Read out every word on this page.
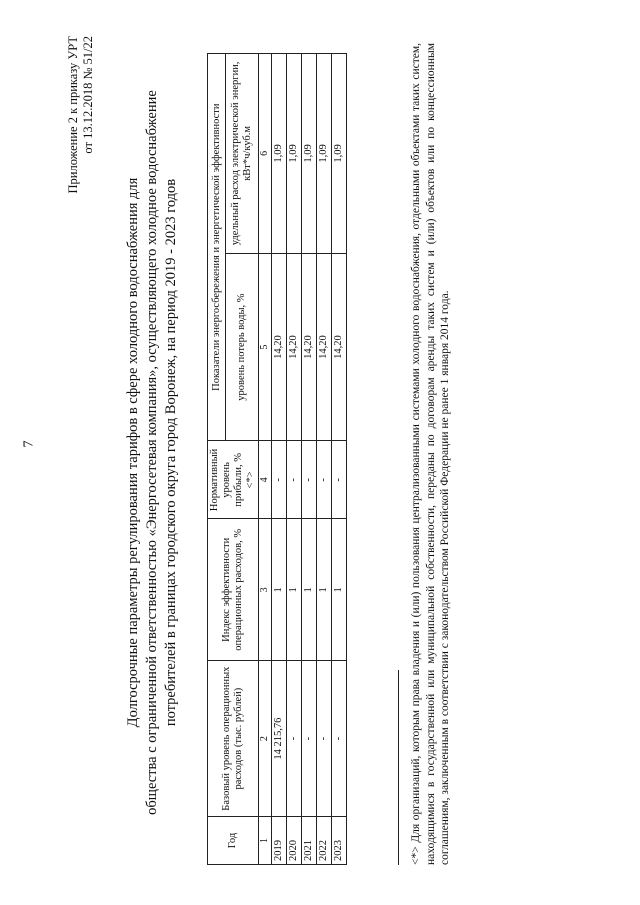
7
Приложение 2 к приказу УРТ от 13.12.2018 № 51/22
Долгосрочные параметры регулирования тарифов в сфере холодного водоснабжения для общества с ограниченной ответственностью «Энергосетевая компания», осуществляющего холодное водоснабжение потребителей в границах городского округа город Воронеж, на период 2019 - 2023 годов
Год	Базовый уровень операционных расходов (тыс. рублей)	Индекс эффективности операционных расходов, %	Нормативный уровень прибыли, % <*>	Показатели энергосбережения и энергетической эффективности	
				уровень потерь воды, %	удельный расход электрической энергии, кВт*ч/куб.м
1	2	3	4	5	6
2019	14 215,76	1	-	14,20	1,09
2020	-	1	-	14,20	1,09
2021	-	1	-	14,20	1,09
2022	-	1	-	14,20	1,09
2023	-	1	-	14,20	1,09	<*> Для организаций, которым права владения и (или) пользования централизованными системами холодного водоснабжения, отдельными объектами таких систем, находящимися в государственной или муниципальной собственности, переданы по договорам аренды таких систем и (или) объектов или по концессионным соглашениям, заключенным в соответствии с законодательством Российской Федерации не ранее 1 января 2014 года.
